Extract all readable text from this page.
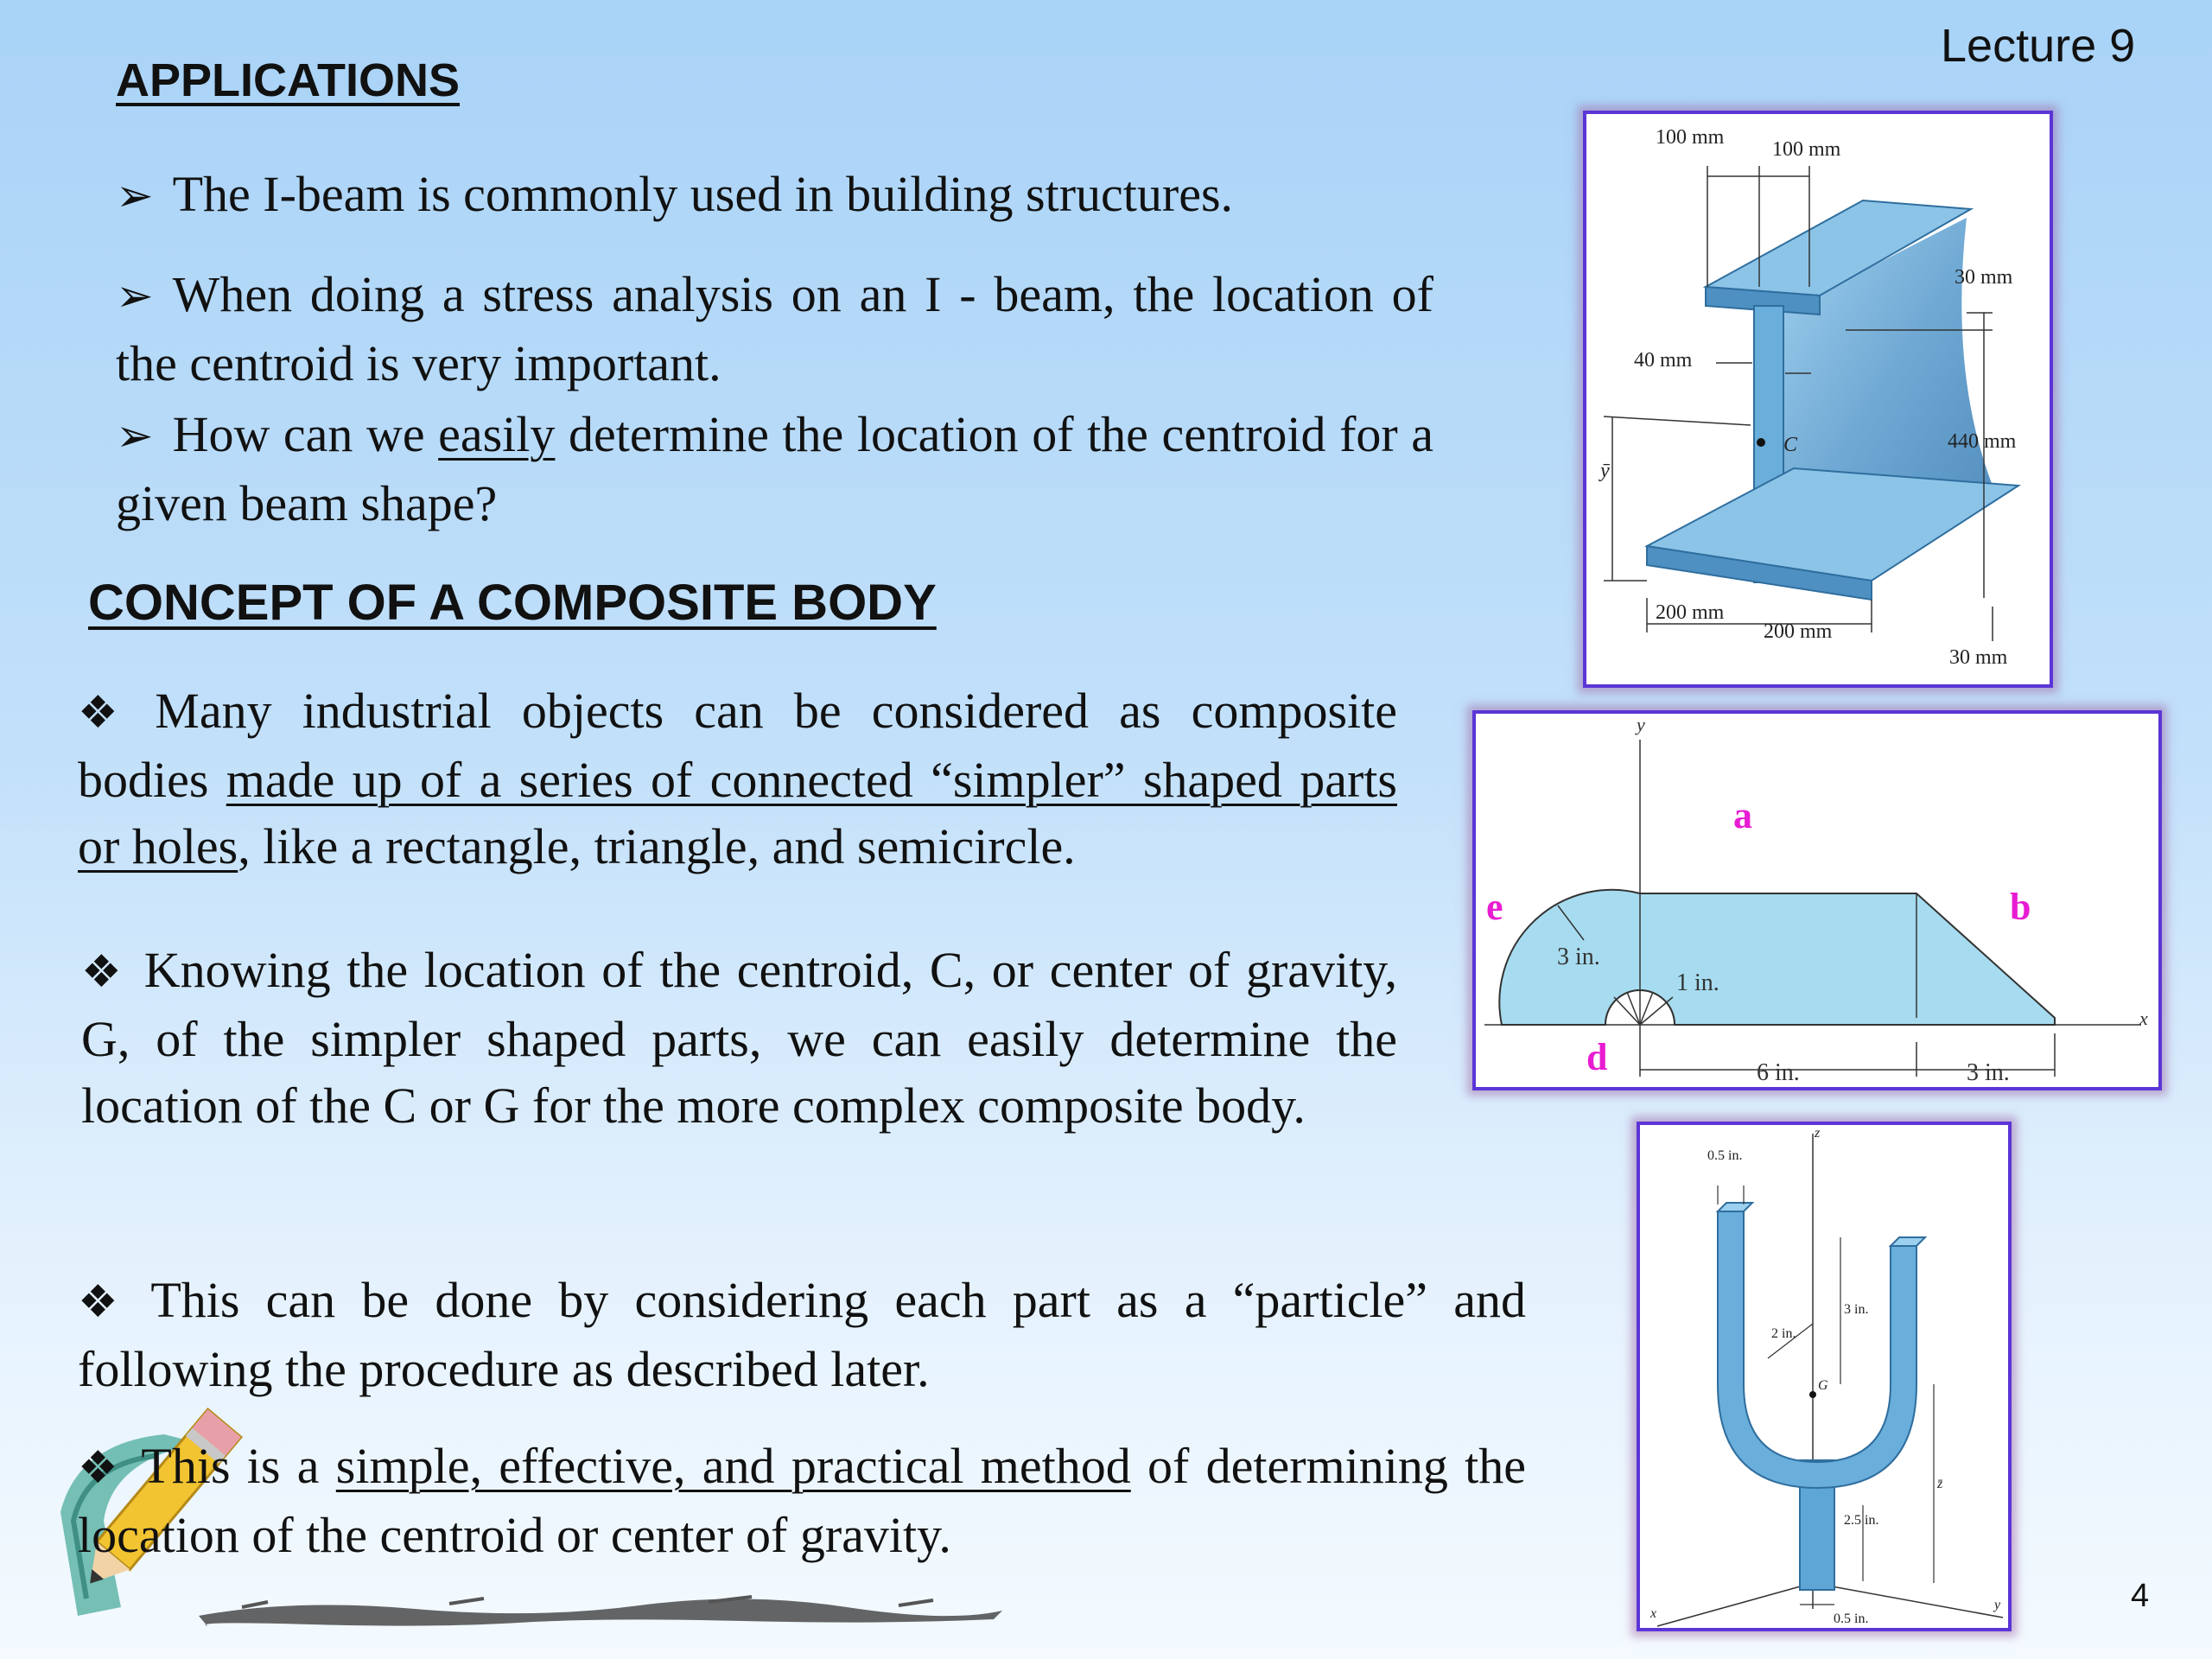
Lecture 9
APPLICATIONS
➢ The I-beam is commonly used in building structures.
➢ When doing a stress analysis on an I - beam, the location of the centroid is very important.
➢ How can we easily determine the location of the centroid for a given beam shape?
CONCEPT OF A COMPOSITE BODY
❖ Many industrial objects can be considered as composite bodies made up of a series of connected “simpler” shaped parts or holes, like a rectangle, triangle, and semicircle.
❖ Knowing the location of the centroid, C, or center of gravity, G, of the simpler shaped parts, we can easily determine the location of the C or G for the more complex composite body.
❖ This can be done by considering each part as a “particle” and following the procedure as described later.
❖ This is a simple, effective, and practical method of determining the location of the centroid or center of gravity.
100 mm
100 mm
30 mm
40 mm
C
ȳ
440 mm
200 mm
200 mm
30 mm
y
x
3 in.
1 in.
6 in.	3 in.
a
b
d
e
0.5 in.
3 in.
2 in.
G
2.5 in.
0.5 in.
z
x
y
z̄
4
